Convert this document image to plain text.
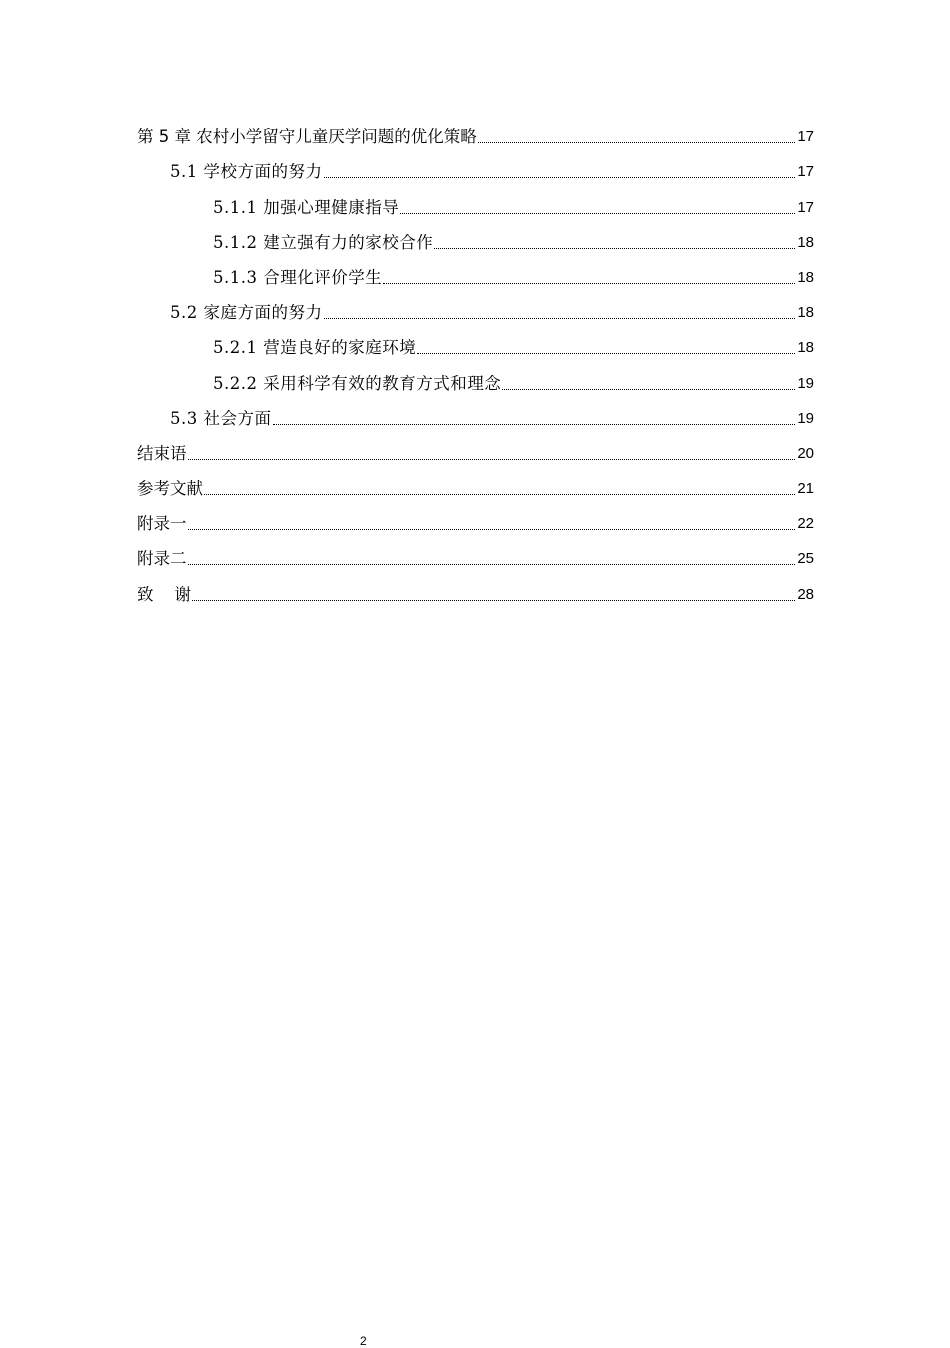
第 5 章 农村小学留守儿童厌学问题的优化策略	17
5.1 学校方面的努力	17
5.1.1 加强心理健康指导	17
5.1.2 建立强有力的家校合作	18
5.1.3 合理化评价学生	18
5.2 家庭方面的努力	18
5.2.1 营造良好的家庭环境	18
5.2.2 采用科学有效的教育方式和理念	19
5.3 社会方面	19
结束语	20
参考文献	21
附录一	22
附录二	25
致    谢	28
2
